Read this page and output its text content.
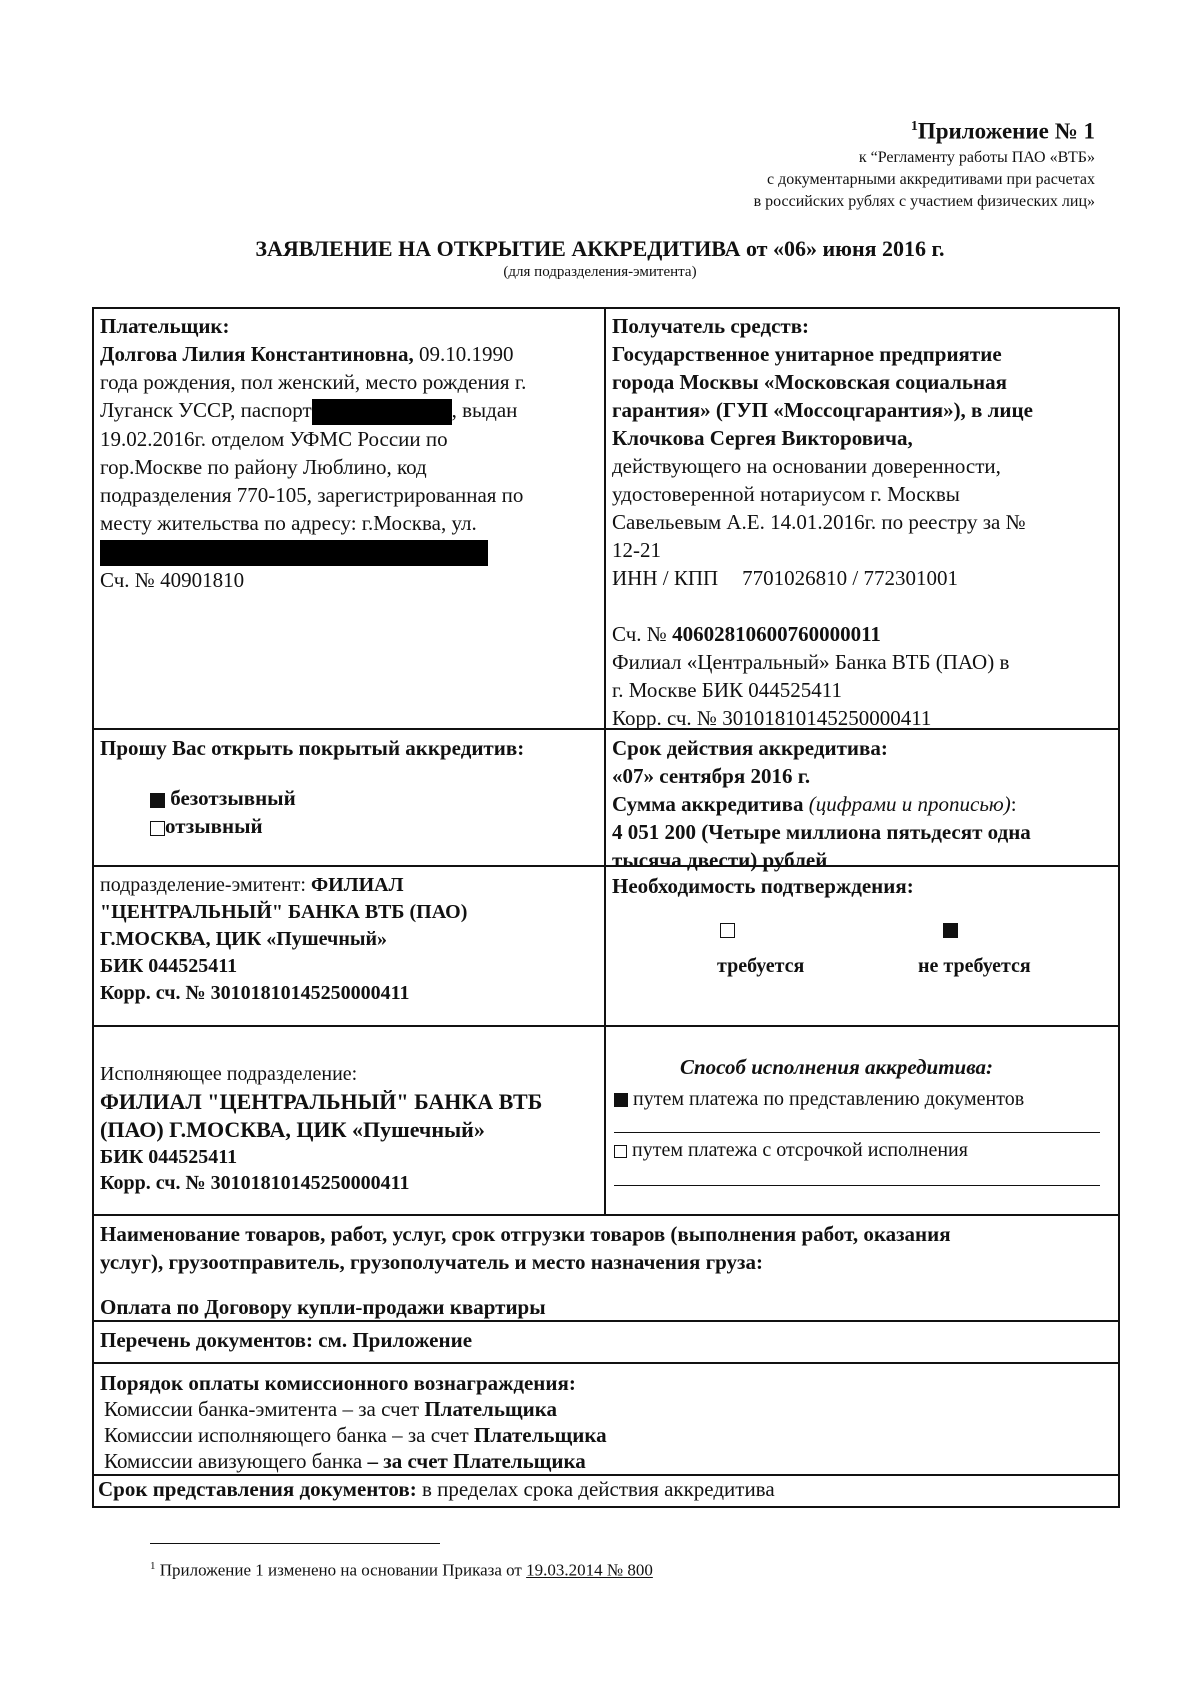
$^1$Приложение № 1
к “Регламенту работы ПАО «ВТБ»
с документарными аккредитивами при расчетах
в российских рублях с участием физических лиц»
ЗАЯВЛЕНИЕ НА ОТКРЫТИЕ АККРЕДИТИВА от «06» июня 2016 г.
(для подразделения-эмитента)
Плательщик:
Долгова Лилия Константиновна, 09.10.1990
года рождения, пол женский, место рождения г.
Луганск УССР, паспорт	, выдан
19.02.2016г. отделом УФМС России по
гор.Москве по району Люблино, код
подразделения 770-105, зарегистрированная по
месту жительства по адресу: г.Москва, ул.
Сч. № 40901810
Получатель средств:
Государственное унитарное предприятие
города Москвы «Московская социальная
гарантия» (ГУП «Моссоцгарантия»), в лице
Клочкова Сергея Викторовича,
действующего на основании доверенности,
удостоверенной нотариусом г. Москвы
Савельевым А.Е. 14.01.2016г. по реестру за №
12-21
ИНН / КПП 7701026810 / 772301001
Сч. № 40602810600760000011
Филиал «Центральный» Банка ВТБ (ПАО) в
г. Москве БИК 044525411
Корр. сч. № 30101810145250000411
Прошу Вас открыть покрытый аккредитив:
безотзывный
отзывный
Срок действия аккредитива:
«07» сентября 2016 г.
Сумма аккредитива (цифрами и прописью):
4 051 200 (Четыре миллиона пятьдесят одна
тысяча двести) рублей
подразделение-эмитент: ФИЛИАЛ
"ЦЕНТРАЛЬНЫЙ" БАНКА ВТБ (ПАО)
Г.МОСКВА, ЦИК «Пушечный»
БИК 044525411
Корр. сч. № 30101810145250000411
Необходимость подтверждения:
требуется	не требуется
Исполняющее подразделение:
ФИЛИАЛ "ЦЕНТРАЛЬНЫЙ" БАНКА ВТБ
(ПАО) Г.МОСКВА, ЦИК «Пушечный»
БИК 044525411
Корр. сч. № 30101810145250000411
Способ исполнения аккредитива:
путем платежа по представлению документов
путем платежа с отсрочкой исполнения
Наименование товаров, работ, услуг, срок отгрузки товаров (выполнения работ, оказания
услуг), грузоотправитель, грузополучатель и место назначения груза:
Оплата по Договору купли-продажи квартиры
Перечень документов: см. Приложение
Порядок оплаты комиссионного вознаграждения:
Комиссии банка-эмитента – за счет Плательщика
Комиссии исполняющего банка – за счет Плательщика
Комиссии авизующего банка – за счет Плательщика
Срок представления документов: в пределах срока действия аккредитива
$^1$ Приложение 1 изменено на основании Приказа от 19.03.2014 № 800
